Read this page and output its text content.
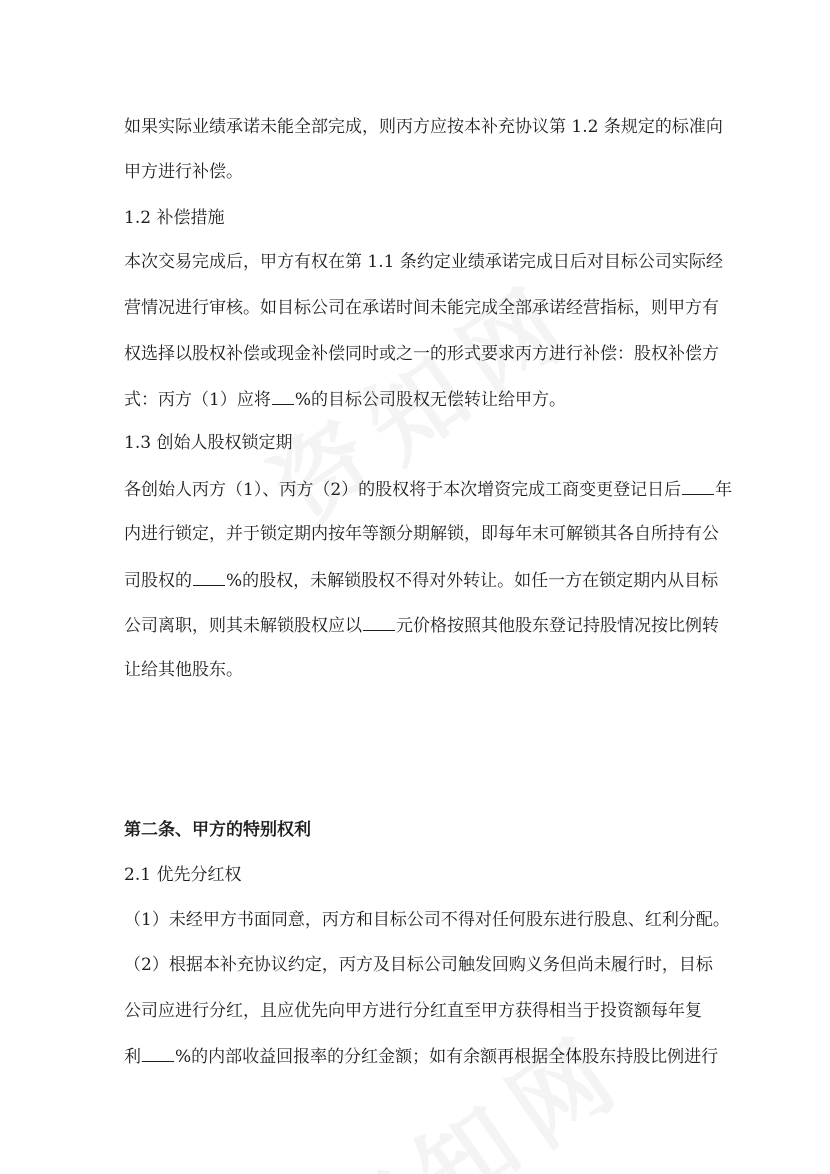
如果实际业绩承诺未能全部完成，则丙方应按本补充协议第 1.2 条规定的标准向
甲方进行补偿。
1.2 补偿措施
本次交易完成后，甲方有权在第 1.1 条约定业绩承诺完成日后对目标公司实际经
营情况进行审核。如目标公司在承诺时间未能完成全部承诺经营指标，则甲方有
权选择以股权补偿或现金补偿同时或之一的形式要求丙方进行补偿：股权补偿方
式：丙方（1）应将 %的目标公司股权无偿转让给甲方。
1.3 创始人股权锁定期
各创始人丙方（1）、丙方（2）的股权将于本次增资完成工商变更登记日后 年
内进行锁定，并于锁定期内按年等额分期解锁，即每年末可解锁其各自所持有公
司股权的 %的股权，未解锁股权不得对外转让。如任一方在锁定期内从目标
公司离职，则其未解锁股权应以 元价格按照其他股东登记持股情况按比例转
让给其他股东。
第二条、甲方的特别权利
2.1 优先分红权
（1）未经甲方书面同意，丙方和目标公司不得对任何股东进行股息、红利分配。
（2）根据本补充协议约定，丙方及目标公司触发回购义务但尚未履行时，目标
公司应进行分红，且应优先向甲方进行分红直至甲方获得相当于投资额每年复
利 %的内部收益回报率的分红金额；如有余额再根据全体股东持股比例进行
